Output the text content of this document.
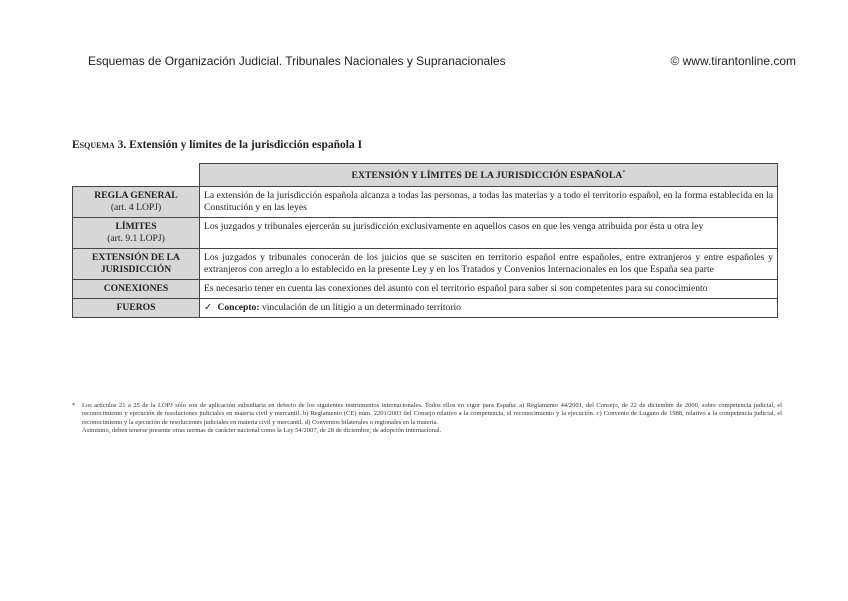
Esquemas de Organización Judicial. Tribunales Nacionales y Supranacionales	© www.tirantonline.com
Esquema 3. Extensión y límites de la jurisdicción española I
	EXTENSIÓN Y LÍMITES DE LA JURISDICCIÓN ESPAÑOLA*
REGLA GENERAL
(art. 4 LOPJ)	La extensión de la jurisdicción española alcanza a todas las personas, a todas las materias y a todo el territorio español, en la forma establecida en la Constitución y en las leyes
LÍMITES
(art. 9.1 LOPJ)	Los juzgados y tribunales ejercerán su jurisdicción exclusivamente en aquellos casos en que les venga atribuida por ésta u otra ley
EXTENSIÓN DE LA JURISDICCIÓN	Los juzgados y tribunales conocerán de los juicios que se susciten en territorio español entre españoles, entre extranjeros y entre españoles y extranjeros con arreglo a lo establecido en la presente Ley y en los Tratados y Convenios Internacionales en los que España sea parte
CONEXIONES	Es necesario tener en cuenta las conexiones del asunto con el territorio español para saber si son competentes para su conocimiento
FUEROS	✓ Concepto: vinculación de un litigio a un determinado territorio
* Los artículos 21 a 25 de la LOPJ sólo son de aplicación subsidiaria en defecto de los siguientes instrumentos internacionales. Todos ellos en vigor para España: a) Reglamento 44/2001, del Consejo, de 22 de diciembre de 2000, sobre competencia judicial, el reconocimiento y ejecución de resoluciones judiciales en materia civil y mercantil. b) Reglamento (CE) núm. 2201/2003 del Consejo relativo a la competencia, el reconocimiento y la ejecución. c) Convenio de Lugano de 1988, relativo a la competencia judicial, el reconocimiento y la ejecución de resoluciones judiciales en materia civil y mercantil. d) Convenios bilaterales o regionales en la materia.

Asimismo, deben tenerse presente otras normas de carácter nacional como la Ley 54/2007, de 28 de diciembre, de adopción internacional.
